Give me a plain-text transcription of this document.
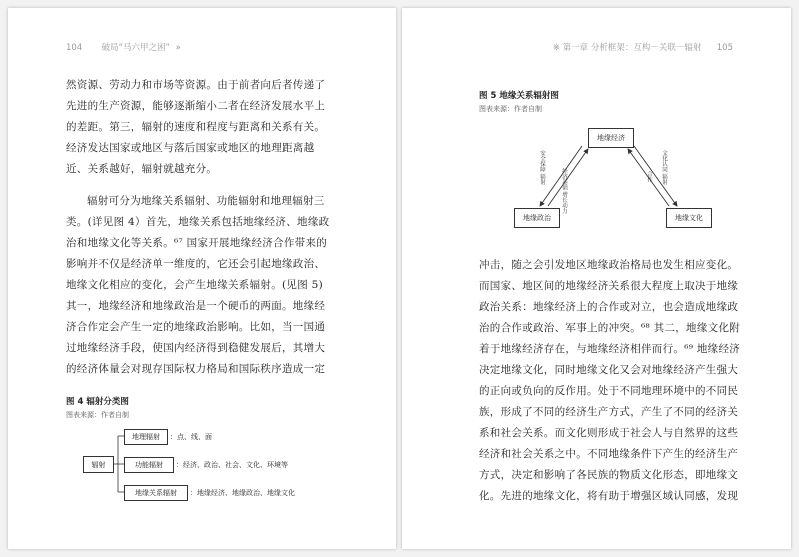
104 破局“马六甲之困” »
然资源、劳动力和市场等资源。由于前者向后者传递了
先进的生产资源，能够逐渐缩小二者在经济发展水平上
的差距。第三，辐射的速度和程度与距离和关系有关。
经济发达国家或地区与落后国家或地区的地理距离越
近、关系越好，辐射就越充分。
辐射可分为地缘关系辐射、功能辐射和地理辐射三
类。(详见图 4）首先，地缘关系包括地缘经济、地缘政
治和地缘文化等关系。⁶⁷ 国家开展地缘经济合作带来的
影响并不仅是经济单一维度的，它还会引起地缘政治、
地缘文化相应的变化，会产生地缘关系辐射。(见图 5)
其一，地缘经济和地缘政治是一个硬币的两面。地缘经
济合作定会产生一定的地缘政治影响。比如，当一国通
过地缘经济手段，使国内经济得到稳健发展后，其增大
的经济体量会对现存国际权力格局和国际秩序造成一定
图 4 辐射分类图
图表来源：作者自制
辐射
地理辐射 ：点、线、面
功能辐射 ：经济、政治、社会、文化、环境等
地缘关系辐射 ：地缘经济、地缘政治、地缘文化
※ 第一章 分析框架：互构－关联－辐射 105
图 5 地缘关系辐射图
图表来源：作者自制
地缘经济
地缘政治	地缘文化
安全保障 辐射
经济基础 增长动力
文化认同 辐射
合作
冲击，随之会引发地区地缘政治格局也发生相应变化。
而国家、地区间的地缘经济关系很大程度上取决于地缘
政治关系：地缘经济上的合作或对立，也会造成地缘政
治的合作或政治、军事上的冲突。⁶⁸ 其二，地缘文化附
着于地缘经济存在，与地缘经济相伴而行。⁶⁹ 地缘经济
决定地缘文化，同时地缘文化又会对地缘经济产生强大
的正向或负向的反作用。处于不同地理环境中的不同民
族，形成了不同的经济生产方式，产生了不同的经济关
系和社会关系。而文化则形成于社会人与自然界的这些
经济和社会关系之中。不同地缘条件下产生的经济生产
方式，决定和影响了各民族的物质文化形态，即地缘文
化。先进的地缘文化，将有助于增强区域认同感，发现
